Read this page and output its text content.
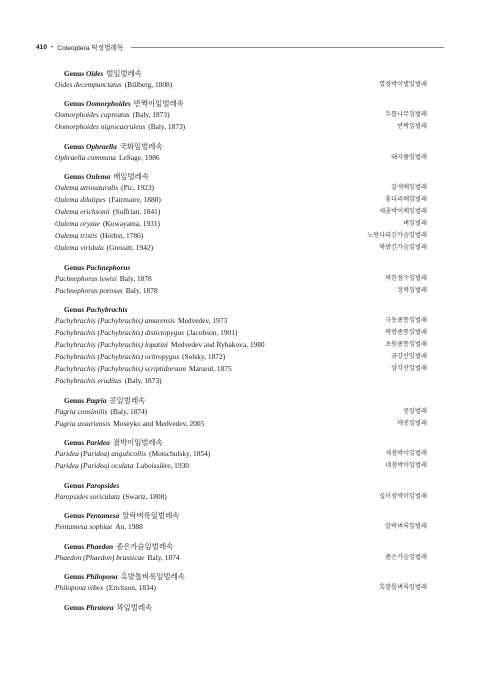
410 • Coleoptera 딱정벌레목
Genus Oides 벌잎벌레속
Oides decempunctatus (Billberg, 1808)	열점박이별잎벌레
Genus Oomorphoides 반짝이잎벌레속
Oomorphoides cupreatus (Baly, 1873)	두릅나무잎벌레
Oomorphoides nigrocaeruleus (Baly, 1873)	반짝잎벌레
Genus Ophraella 국화잎벌레속
Ophraella communa LeSage, 1986	돼지풀잎벌레
Genus Oulema 배잎벌레속
Oulema atrosuturalis (Pic, 1923)	갈색배잎벌레
Oulema dilutipes (Fairmaire, 1888)	홍다리배잎벌레
Oulema erichsonii (Suffrian, 1841)	세줄박이배잎벌레
Oulema oryzae (Kuwayama, 1931)	벼잎벌레
Oulema tristis (Herbst, 1786)	노랑다리긴가슴잎벌레
Oulema viridula (Gressitt, 1942)	북방긴가슴잎벌레
Genus Pachnephorus
Pachnephorus lewisi Baly, 1878	북한점수잎벌레
Pachnephorus porosus Baly, 1878	정북잎벌레
Genus Pachybrachis
Pachybrachis (Pachybrachis) amurensis Medvedev, 1973	극동좀통잎벌레
Pachybrachis (Pachybrachis) distictopygus (Jacobson, 1901)	북방좀통잎벌레
Pachybrachis (Pachybrachis) lopatini Medvedev and Rybakova, 1980	초원좀통잎벌레
Pachybrachis (Pachybrachis) ochropygus (Solsky, 1872)	금강산잎벌레
Pachybrachis (Pachybrachis) scriptidorsum Marseul, 1875	삼각산잎벌레
Pachybrachis eruditus (Baly, 1873)
Genus Pagria 콩잎벌레속
Pagria consimilis (Baly, 1874)	콩잎벌레
Pagria ussuriensis Moseyko and Medvedev, 2005	애콩잎벌레
Genus Paridea 점박이잎벌레속
Paridea (Paridea) angulicollis (Motschulsky, 1854)	세점박이잎벌레
Paridea (Paridea) oculata Laboissière, 1930	네점박이잎벌레
Genus Paropsides
Paropsides soriculata (Swartz, 1808)	십이점박이잎벌레
Genus Pentamesa 알락벼룩잎벌레속
Pentamesa sophiae An, 1988	알락벼룩잎벌레
Genus Phaedon 좀은가슴잎벌레속
Phaedon (Phaedon) brassicae Baly, 1874	좀은가슴잎벌레
Genus Philopona 흑발톱벼룩잎벌레속
Philopona vibex (Erichson, 1834)	흑발톱벼룩잎벌레
Genus Phratora 꽈잎벌레속
